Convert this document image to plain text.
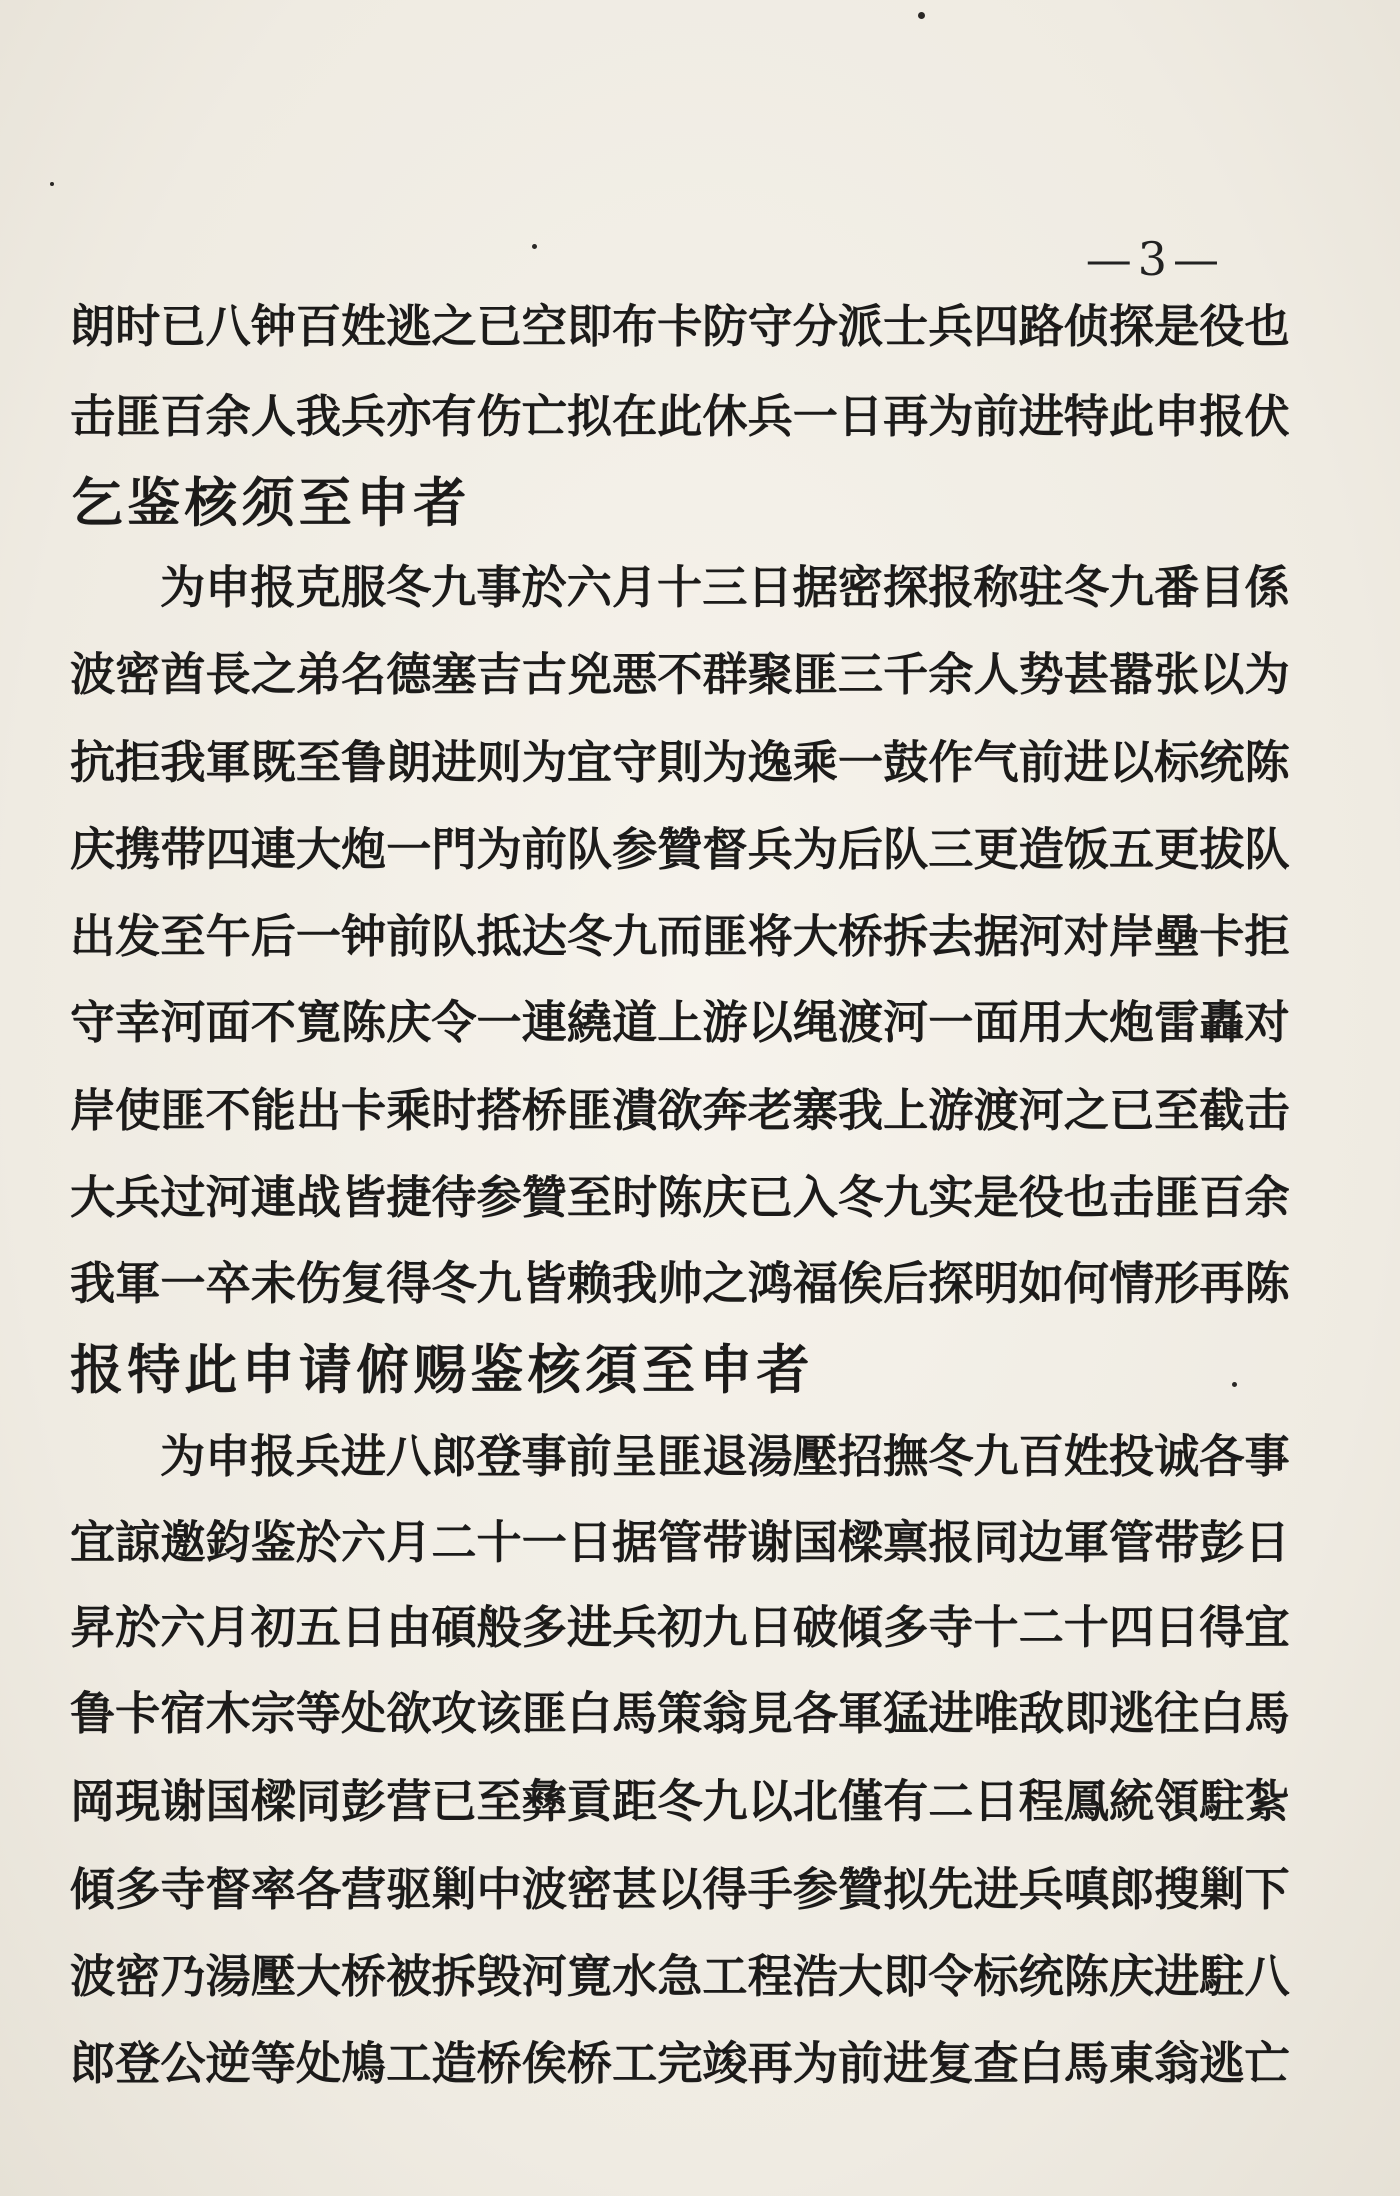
—3—
朗时已八钟百姓逃之已空即布卡防守分派士兵四路侦探是役也
击匪百余人我兵亦有伤亡拟在此休兵一日再为前进特此申报伏
乞鉴核须至申者
为申报克服冬九事於六月十三日据密探报称驻冬九番目係
波密酋長之弟名德塞吉古兇悪不群聚匪三千余人势甚嚣张以为
抗拒我軍既至鲁朗进则为宜守則为逸乘一鼓作气前进以标统陈
庆携带四連大炮一門为前队参贊督兵为后队三更造饭五更拔队
出发至午后一钟前队抵达冬九而匪将大桥拆去据河对岸壘卡拒
守幸河面不寛陈庆令一連繞道上游以绳渡河一面用大炮雷轟对
岸使匪不能出卡乘时搭桥匪潰欲奔老寨我上游渡河之已至截击
大兵过河連战皆捷待参贊至时陈庆已入冬九实是役也击匪百余
我軍一卒未伤复得冬九皆赖我帅之鸿福俟后探明如何情形再陈
报特此申请俯赐鉴核須至申者
为申报兵进八郎登事前呈匪退湯壓招撫冬九百姓投诚各事
宜諒邀鈞鉴於六月二十一日据管带谢国樑禀报同边軍管带彭日
昇於六月初五日由碩般多进兵初九日破傾多寺十二十四日得宜
鲁卡宿木宗等处欲攻该匪白馬策翁見各軍猛进唯敌即逃往白馬
岡現谢国樑同彭营已至彝貢距冬九以北僅有二日程鳳統領駐紮
傾多寺督率各营驱剿中波密甚以得手参贊拟先进兵嗔郎搜剿下
波密乃湯壓大桥被拆毁河寛水急工程浩大即令标统陈庆进駐八
郎登公逆等处鳩工造桥俟桥工完竣再为前进复查白馬東翁逃亡
